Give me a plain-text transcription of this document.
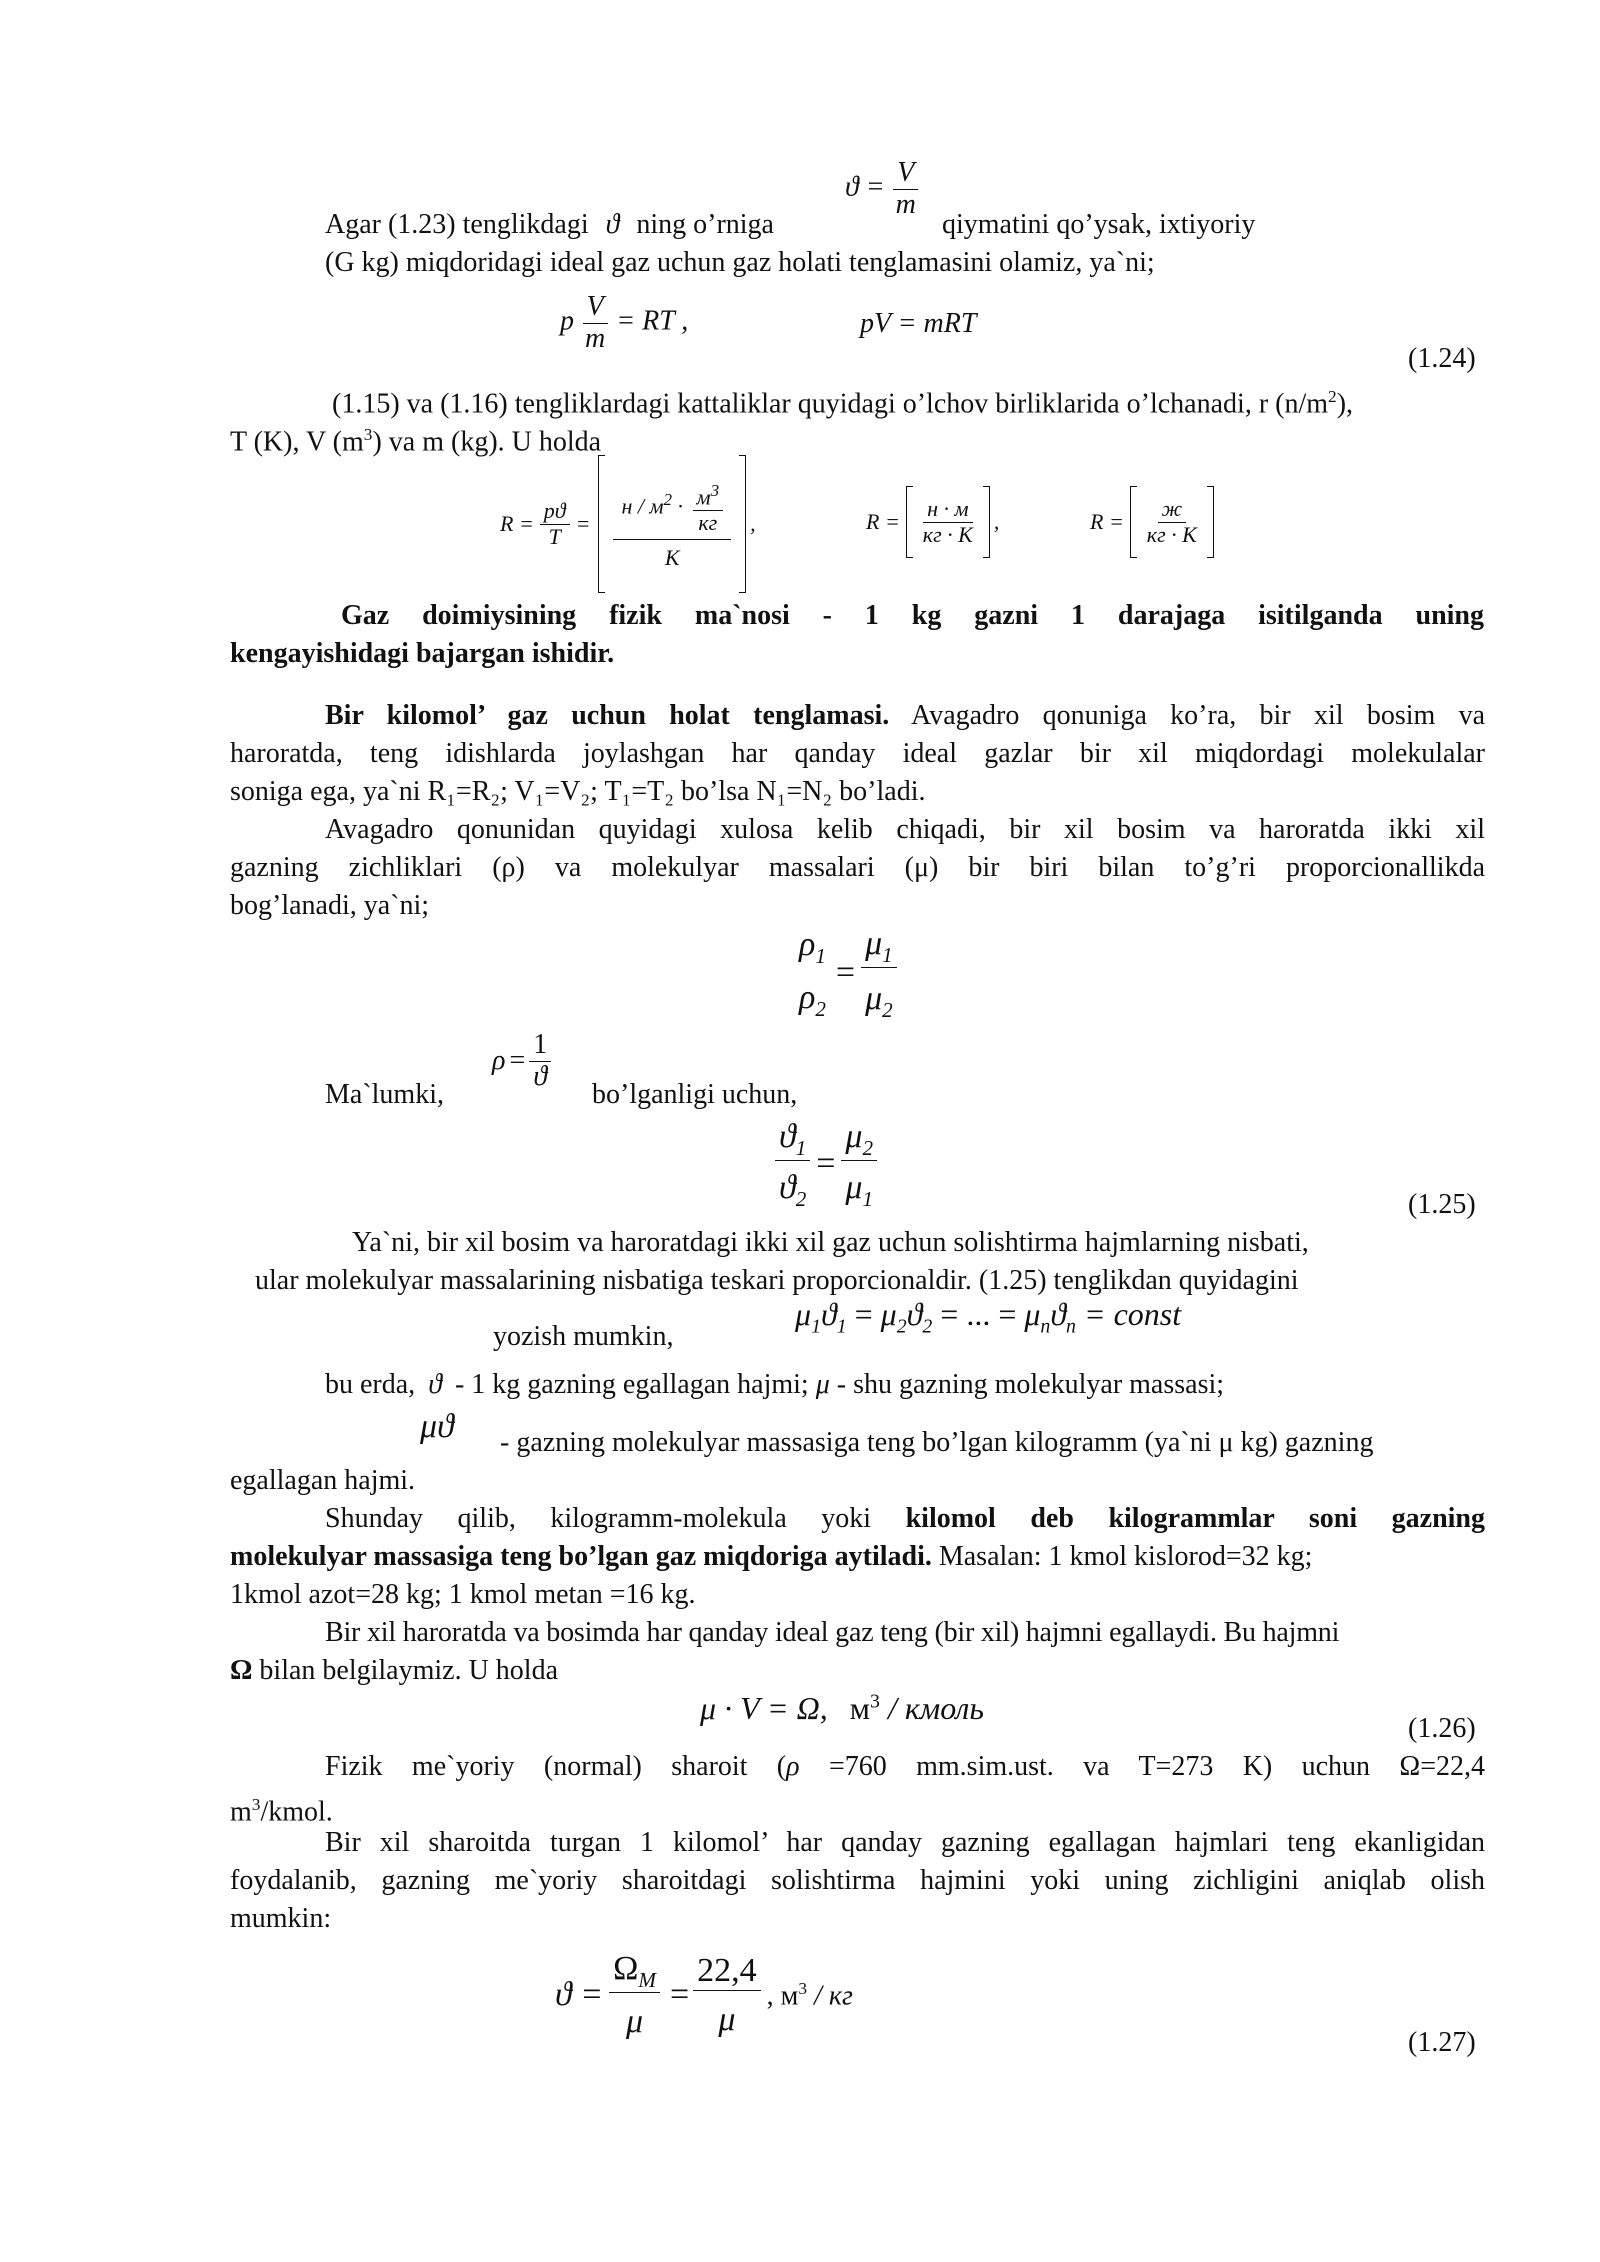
$ϑ = \frac{V}{m}$
Agar (1.23) tenglikdagi ϑ ning o’rniga	qiymatini qo’ysak, ixtiyoriy
(G kg) miqdoridagi ideal gaz uchun gaz holati tenglamasini olamiz, ya`ni;
p $\frac{V}{m}$ = RT ,	pV = mRT
(1.24)
(1.15) va (1.16) tengliklardagi kattaliklar quyidagi o’lchov birliklarida o’lchanadi, r $(n/m^2)$,
T (K), V $(m^3)$ va m (kg). U holda
$R = \frac{pϑ}{T} = \frac{н / м^2 \cdot \frac{м^3}{кг}}{K}$ ,	$R = \frac{н \cdot м}{кг \cdot K}$ ,	$R = \frac{ж}{кг \cdot K}$
Gaz doimiysining fizik ma`nosi - 1 kg gazni 1 darajaga isitilganda uning
kengayishidagi bajargan ishidir.
Bir kilomol’ gaz uchun holat tenglamasi. Avagadro qonuniga ko’ra, bir xil bosim va
haroratda, teng idishlarda joylashgan har qanday ideal gazlar bir xil miqdordagi molekulalar
soniga ega, ya`ni R₁=R₂; V₁=V₂; T₁=T₂ bo’lsa N₁=N₂ bo’ladi.
Avagadro qonunidan quyidagi xulosa kelib chiqadi, bir xil bosim va haroratda ikki xil
gazning zichliklari (ρ) va molekulyar massalari (μ) bir biri bilan to’g’ri proporcionallikda
bog’lanadi, ya`ni;
$\rho_1$
$\rho_2$
= $\frac{\mu_1}{\mu_2}$
Ma`lumki,
$\rho = \frac{1}{ϑ}$
bo’lganligi uchun,
$\frac{ϑ_1}{ϑ_2} = \frac{\mu_2}{\mu_1}$	(1.25)
Ya`ni, bir xil bosim va haroratdagi ikki xil gaz uchun solishtirma hajmlarning nisbati,
ular molekulyar massalarining nisbatiga teskari proporcionaldir. (1.25) tenglikdan quyidagini
yozish mumkin,
$\mu_1ϑ_1 = \mu_2ϑ_2$ = ... = $\mu_nϑ_n$ = const
bu erda, ϑ - 1 kg gazning egallagan hajmi; μ - shu gazning molekulyar massasi;
μϑ - gazning molekulyar massasiga teng bo’lgan kilogramm (ya`ni μ kg) gazning
egallagan hajmi.
Shunday qilib, kilogramm-molekula yoki kilomol deb kilogrammlar soni gazning
molekulyar massasiga teng bo’lgan gaz miqdoriga aytiladi. Masalan: 1 kmol kislorod=32 kg;
1kmol azot=28 kg; 1 kmol metan =16 kg.
Bir xil haroratda va bosimda har qanday ideal gaz teng (bir xil) hajmni egallaydi. Bu hajmni
Ω bilan belgilaymiz. U holda
μ · V = Ω, $м^3$ / кмоль
(1.26)
Fizik me`yoriy (normal) sharoit (ρ =760 mm.sim.ust. va T=273 K) uchun Ω=22,4
$m^3$/kmol.
Bir xil sharoitda turgan 1 kilomol’ har qanday gazning egallagan hajmlari teng ekanligidan
foydalanib, gazning me`yoriy sharoitdagi solishtirma hajmini yoki uning zichligini aniqlab olish
mumkin:
$ϑ = \frac{\Omega_M}{\mu} = \frac{22,4}{\mu}$ , $м^3$ / кг
(1.27)
